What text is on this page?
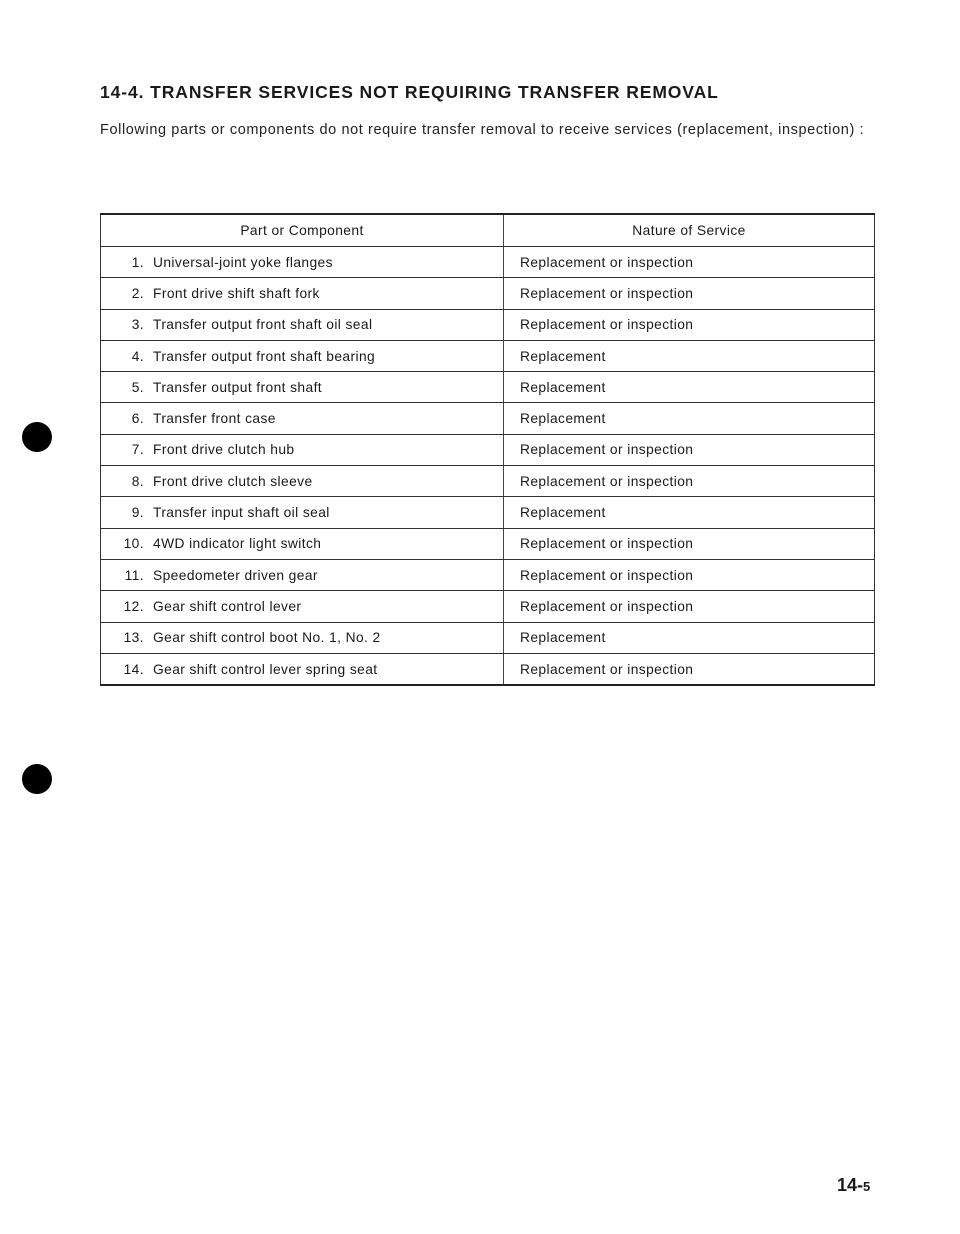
14-4. TRANSFER SERVICES NOT REQUIRING TRANSFER REMOVAL
Following parts or components do not require transfer removal to receive services (replacement, inspection) :
Part or Component	Nature of Service
1. Universal-joint yoke flanges	Replacement or inspection
2. Front drive shift shaft fork	Replacement or inspection
3. Transfer output front shaft oil seal	Replacement or inspection
4. Transfer output front shaft bearing	Replacement
5. Transfer output front shaft	Replacement
6. Transfer front case	Replacement
7. Front drive clutch hub	Replacement or inspection
8. Front drive clutch sleeve	Replacement or inspection
9. Transfer input shaft oil seal	Replacement
10. 4WD indicator light switch	Replacement or inspection
11. Speedometer driven gear	Replacement or inspection
12. Gear shift control lever	Replacement or inspection
13. Gear shift control boot No. 1, No. 2	Replacement
14. Gear shift control lever spring seat	Replacement or inspection
14-5
